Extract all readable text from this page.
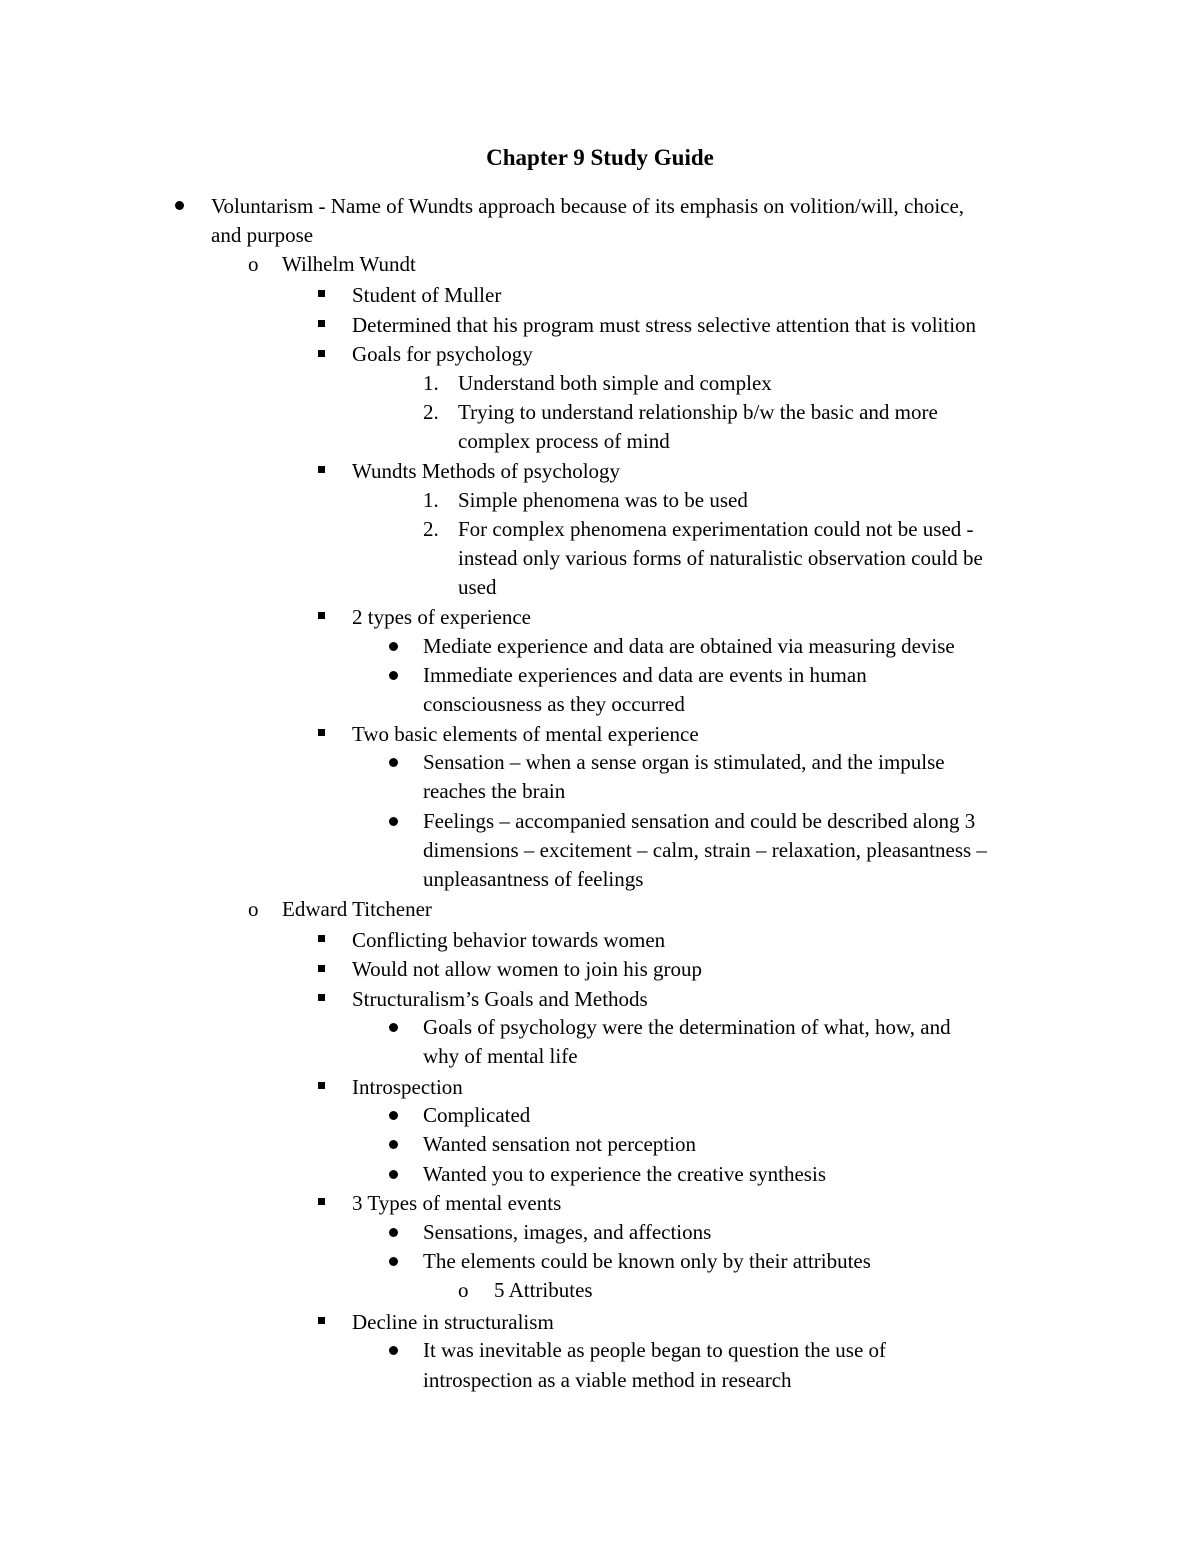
Chapter 9 Study Guide
Voluntarism - Name of Wundts approach because of its emphasis on volition/will, choice,
and purpose
o Wilhelm Wundt
Student of Muller
Determined that his program must stress selective attention that is volition
Goals for psychology
1. Understand both simple and complex
2. Trying to understand relationship b/w the basic and more
complex process of mind
Wundts Methods of psychology
1. Simple phenomena was to be used
2. For complex phenomena experimentation could not be used -
instead only various forms of naturalistic observation could be
used
2 types of experience
Mediate experience and data are obtained via measuring devise
Immediate experiences and data are events in human
consciousness as they occurred
Two basic elements of mental experience
Sensation – when a sense organ is stimulated, and the impulse
reaches the brain
Feelings – accompanied sensation and could be described along 3
dimensions – excitement – calm, strain – relaxation, pleasantness –
unpleasantness of feelings
o Edward Titchener
Conflicting behavior towards women
Would not allow women to join his group
Structuralism’s Goals and Methods
Goals of psychology were the determination of what, how, and
why of mental life
Introspection
Complicated
Wanted sensation not perception
Wanted you to experience the creative synthesis
3 Types of mental events
Sensations, images, and affections
The elements could be known only by their attributes
o 5 Attributes
Decline in structuralism
It was inevitable as people began to question the use of
introspection as a viable method in research
